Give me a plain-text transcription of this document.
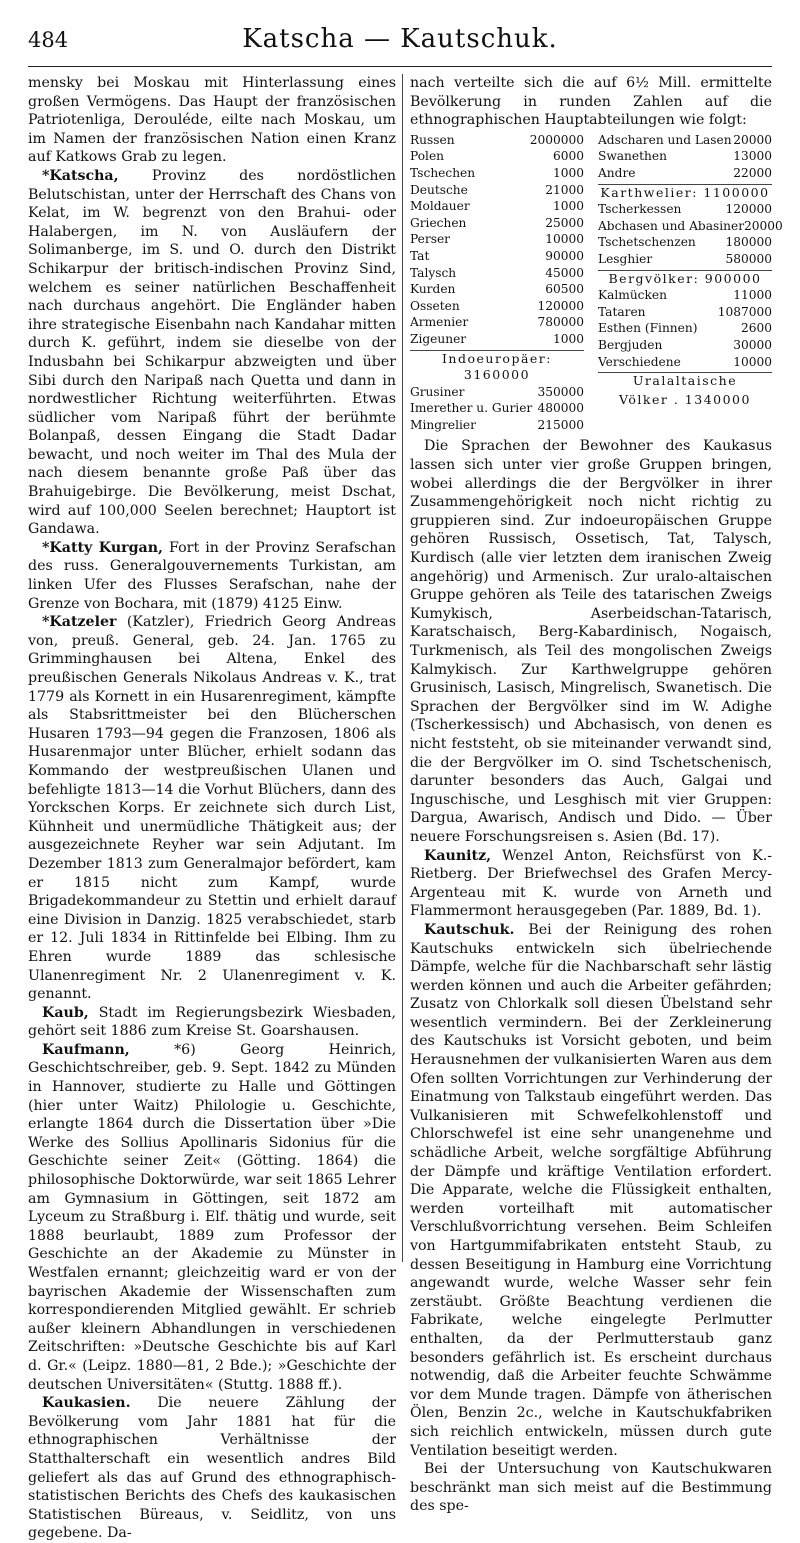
484	Katscha — Kautschuk.

mensky bei Moskau mit Hinterlassung eines großen Vermögens. Das Haupt der französischen Patriotenliga, Derouléde, eilte nach Moskau, um im Namen der französischen Nation einen Kranz auf Katkows Grab zu legen.

*Katscha, Provinz des nordöstlichen Belutschistan, unter der Herrschaft des Chans von Kelat, im W. begrenzt von den Brahui- oder Halabergen, im N. von Ausläufern der Solimanberge, im S. und O. durch den Distrikt Schikarpur der britisch-indischen Provinz Sind, welchem es seiner natürlichen Beschaffenheit nach durchaus angehört. Die Engländer haben ihre strategische Eisenbahn nach Kandahar mitten durch K. geführt, indem sie dieselbe von der Indusbahn bei Schikarpur abzweigten und über Sibi durch den Naripaß nach Quetta und dann in nordwestlicher Richtung weiterführten. Etwas südlicher vom Naripaß führt der berühmte Bolanpaß, dessen Eingang die Stadt Dadar bewacht, und noch weiter im Thal des Mula der nach diesem benannte große Paß über das Brahuigebirge. Die Bevölkerung, meist Dschat, wird auf 100,000 Seelen berechnet; Hauptort ist Gandawa.

*Katty Kurgan, Fort in der Provinz Serafschan des russ. Generalgouvernements Turkistan, am linken Ufer des Flusses Serafschan, nahe der Grenze von Bochara, mit (1879) 4125 Einw.

*Katzeler (Katzler), Friedrich Georg Andreas von, preuß. General, geb. 24. Jan. 1765 zu Grimminghausen bei Altena, Enkel des preußischen Generals Nikolaus Andreas v. K., trat 1779 als Kornett in ein Husarenregiment, kämpfte als Stabsrittmeister bei den Blücherschen Husaren 1793—94 gegen die Franzosen, 1806 als Husarenmajor unter Blücher, erhielt sodann das Kommando der westpreußischen Ulanen und befehligte 1813—14 die Vorhut Blüchers, dann des Yorckschen Korps. Er zeichnete sich durch List, Kühnheit und unermüdliche Thätigkeit aus; der ausgezeichnete Reyher war sein Adjutant. Im Dezember 1813 zum Generalmajor befördert, kam er 1815 nicht zum Kampf, wurde Brigadekommandeur zu Stettin und erhielt darauf eine Division in Danzig. 1825 verabschiedet, starb er 12. Juli 1834 in Rittinfelde bei Elbing. Ihm zu Ehren wurde 1889 das schlesische Ulanenregiment Nr. 2 Ulanenregiment v. K. genannt.

Kaub, Stadt im Regierungsbezirk Wiesbaden, gehört seit 1886 zum Kreise St. Goarshausen.

Kaufmann, *6) Georg Heinrich, Geschichtschreiber, geb. 9. Sept. 1842 zu Münden in Hannover, studierte zu Halle und Göttingen (hier unter Waitz) Philologie u. Geschichte, erlangte 1864 durch die Dissertation über »Die Werke des Sollius Apollinaris Sidonius für die Geschichte seiner Zeit« (Götting. 1864) die philosophische Doktorwürde, war seit 1865 Lehrer am Gymnasium in Göttingen, seit 1872 am Lyceum zu Straßburg i. Elf. thätig und wurde, seit 1888 beurlaubt, 1889 zum Professor der Geschichte an der Akademie zu Münster in Westfalen ernannt; gleichzeitig ward er von der bayrischen Akademie der Wissenschaften zum korrespondierenden Mitglied gewählt. Er schrieb außer kleinern Abhandlungen in verschiedenen Zeitschriften: »Deutsche Geschichte bis auf Karl d. Gr.« (Leipz. 1880—81, 2 Bde.); »Geschichte der deutschen Universitäten« (Stuttg. 1888 ff.).

Kaukasien. Die neuere Zählung der Bevölkerung vom Jahr 1881 hat für die ethnographischen Verhältnisse der Statthalterschaft ein wesentlich andres Bild geliefert als das auf Grund des ethnographisch-statistischen Berichts des Chefs des kaukasischen Statistischen Büreaus, v. Seidlitz, von uns gegebene. Da-

nach verteilte sich die auf 6½ Mill. ermittelte Bevölkerung in runden Zahlen auf die ethnographischen Hauptabteilungen wie folgt:

Russen	2000000
Polen	6000
Tschechen	1000
Deutsche	21000
Moldauer	1000
Griechen	25000
Perser	10000
Tat	90000
Talysch	45000
Kurden	60500
Osseten	120000
Armenier	780000
Zigeuner	1000
Indoeuropäer: 3160000
Grusiner	350000
Imerether u. Gurier 480000
Mingrelier	215000
Adscharen und Lasen 20000
Swanethen	13000
Andre	22000
Karthwelier: 1100000
Tscherkessen	120000
Abchasen und Abasiner 20000
Tschetschenzen 180000
Lesghier	580000
Bergvölker: 900000
Kalmücken	11000
Tataren	1087000
Esthen (Finnen)	2600
Bergjuden	30000
Verschiedene	10000
Uralaltaische
Völker . 1340000

Die Sprachen der Bewohner des Kaukasus lassen sich unter vier große Gruppen bringen, wobei allerdings die der Bergvölker in ihrer Zusammengehörigkeit noch nicht richtig zu gruppieren sind. Zur indoeuropäischen Gruppe gehören Russisch, Ossetisch, Tat, Talysch, Kurdisch (alle vier letzten dem iranischen Zweig angehörig) und Armenisch. Zur uralo-altaischen Gruppe gehören als Teile des tatarischen Zweigs Kumykisch, Aserbeidschan-Tatarisch, Karatschaisch, Berg-Kabardinisch, Nogaisch, Turkmenisch, als Teil des mongolischen Zweigs Kalmykisch. Zur Karthwelgruppe gehören Grusinisch, Lasisch, Mingrelisch, Swanetisch. Die Sprachen der Bergvölker sind im W. Adighe (Tscherkessisch) und Abchasisch, von denen es nicht feststeht, ob sie miteinander verwandt sind, die der Bergvölker im O. sind Tschetschenisch, darunter besonders das Auch, Galgai und Inguschische, und Lesghisch mit vier Gruppen: Dargua, Awarisch, Andisch und Dido. — Über neuere Forschungsreisen s. Asien (Bd. 17).

Kaunitz, Wenzel Anton, Reichsfürst von K.-Rietberg. Der Briefwechsel des Grafen Mercy-Argenteau mit K. wurde von Arneth und Flammermont herausgegeben (Par. 1889, Bd. 1).

Kautschuk. Bei der Reinigung des rohen Kautschuks entwickeln sich übelriechende Dämpfe, welche für die Nachbarschaft sehr lästig werden können und auch die Arbeiter gefährden; Zusatz von Chlorkalk soll diesen Übelstand sehr wesentlich vermindern. Bei der Zerkleinerung des Kautschuks ist Vorsicht geboten, und beim Herausnehmen der vulkanisierten Waren aus dem Ofen sollten Vorrichtungen zur Verhinderung der Einatmung von Talkstaub eingeführt werden. Das Vulkanisieren mit Schwefelkohlenstoff und Chlorschwefel ist eine sehr unangenehme und schädliche Arbeit, welche sorgfältige Abführung der Dämpfe und kräftige Ventilation erfordert. Die Apparate, welche die Flüssigkeit enthalten, werden vorteilhaft mit automatischer Verschlußvorrichtung versehen. Beim Schleifen von Hartgummifabrikaten entsteht Staub, zu dessen Beseitigung in Hamburg eine Vorrichtung angewandt wurde, welche Wasser sehr fein zerstäubt. Größte Beachtung verdienen die Fabrikate, welche eingelegte Perlmutter enthalten, da der Perlmutterstaub ganz besonders gefährlich ist. Es erscheint durchaus notwendig, daß die Arbeiter feuchte Schwämme vor dem Munde tragen. Dämpfe von ätherischen Ölen, Benzin 2c., welche in Kautschukfabriken sich reichlich entwickeln, müssen durch gute Ventilation beseitigt werden.

Bei der Untersuchung von Kautschukwaren beschränkt man sich meist auf die Bestimmung des spe-
